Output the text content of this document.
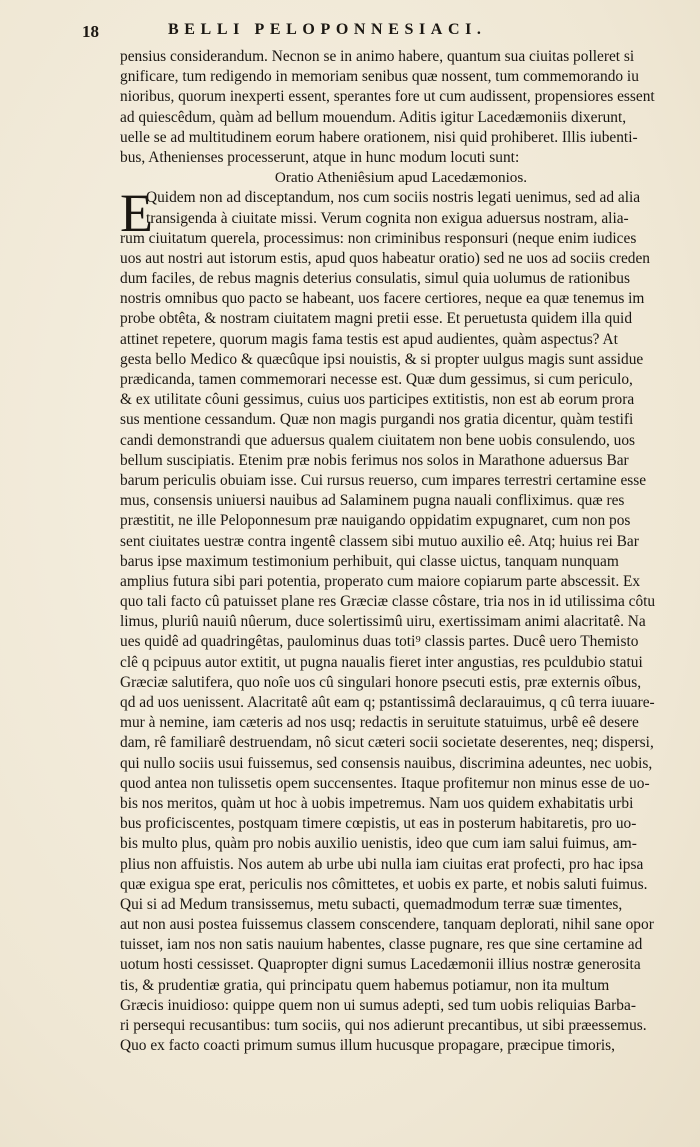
18	BELLI PELOPONNESIACI.
pensius considerandum. Necnon se in animo habere, quantum sua ciuitas polleret si
gnificare, tum redigendo in memoriam senibus quæ nossent, tum commemorando iu
nioribus, quorum inexperti essent, sperantes fore ut cum audissent, propensiores essent
ad quiescêdum, quàm ad bellum mouendum. Aditis igitur Lacedæmoniis dixerunt,
uelle se ad multitudinem eorum habere orationem, nisi quid prohiberet. Illis iubenti-
bus, Athenienses processerunt, atque in hunc modum locuti sunt:
Oratio Atheniêsium apud Lacedæmonios.
E
Quidem non ad disceptandum, nos cum sociis nostris legati uenimus, sed ad alia
transigenda à ciuitate missi. Verum cognita non exigua aduersus nostram, alia-
rum ciuitatum querela, processimus: non criminibus responsuri (neque enim iudices
uos aut nostri aut istorum estis, apud quos habeatur oratio) sed ne uos ad sociis creden
dum faciles, de rebus magnis deterius consulatis, simul quia uolumus de rationibus
nostris omnibus quo pacto se habeant, uos facere certiores, neque ea quæ tenemus im
probe obtêta, & nostram ciuitatem magni pretii esse. Et peruetusta quidem illa quid
attinet repetere, quorum magis fama testis est apud audientes, quàm aspectus? At
gesta bello Medico & quæcûque ipsi nouistis, & si propter uulgus magis sunt assidue
prædicanda, tamen commemorari necesse est. Quæ dum gessimus, si cum periculo,
& ex utilitate côuni gessimus, cuius uos participes extitistis, non est ab eorum prora
sus mentione cessandum. Quæ non magis purgandi nos gratia dicentur, quàm testifi
candi demonstrandi que aduersus qualem ciuitatem non bene uobis consulendo, uos
bellum suscipiatis. Etenim præ nobis ferimus nos solos in Marathone aduersus Bar
barum periculis obuiam isse. Cui rursus reuerso, cum impares terrestri certamine esse
mus, consensis uniuersi nauibus ad Salaminem pugna nauali confliximus. quæ res
præstitit, ne ille Peloponnesum præ nauigando oppidatim expugnaret, cum non pos
sent ciuitates uestræ contra ingentê classem sibi mutuo auxilio eê. Atq; huius rei Bar
barus ipse maximum testimonium perhibuit, qui classe uictus, tanquam nunquam
amplius futura sibi pari potentia, properato cum maiore copiarum parte abscessit. Ex
quo tali facto cû patuisset plane res Græciæ classe côstare, tria nos in id utilissima côtu
limus, pluriû nauiû nûerum, duce solertissimû uiru, exertissimam animi alacritatê. Na
ues quidê ad quadringêtas, paulominus duas toti⁹ classis partes. Ducê uero Themisto
clê q pcipuus autor extitit, ut pugna naualis fieret inter angustias, res pculdubio statui
Græciæ salutifera, quo noîe uos cû singulari honore psecuti estis, præ externis oîbus,
qd ad uos uenissent. Alacritatê aût eam q; pstantissimâ declarauimus, q cû terra iuuare-
mur à nemine, iam cæteris ad nos usq; redactis in seruitute statuimus, urbê eê desere
dam, rê familiarê destruendam, nô sicut cæteri socii societate deserentes, neq; dispersi,
qui nullo sociis usui fuissemus, sed consensis nauibus, discrimina adeuntes, nec uobis,
quod antea non tulissetis opem succensentes. Itaque profitemur non minus esse de uo-
bis nos meritos, quàm ut hoc à uobis impetremus. Nam uos quidem exhabitatis urbi
bus proficiscentes, postquam timere cœpistis, ut eas in posterum habitaretis, pro uo-
bis multo plus, quàm pro nobis auxilio uenistis, ideo que cum iam salui fuimus, am-
plius non affuistis. Nos autem ab urbe ubi nulla iam ciuitas erat profecti, pro hac ipsa
quæ exigua spe erat, periculis nos cômittetes, et uobis ex parte, et nobis saluti fuimus.
Qui si ad Medum transissemus, metu subacti, quemadmodum terræ suæ timentes,
aut non ausi postea fuissemus classem conscendere, tanquam deplorati, nihil sane opor
tuisset, iam nos non satis nauium habentes, classe pugnare, res que sine certamine ad
uotum hosti cessisset. Quapropter digni sumus Lacedæmonii illius nostræ generosita
tis, & prudentiæ gratia, qui principatu quem habemus potiamur, non ita multum
Græcis inuidioso: quippe quem non ui sumus adepti, sed tum uobis reliquias Barba-
ri persequi recusantibus: tum sociis, qui nos adierunt precantibus, ut sibi præessemus.
Quo ex facto coacti primum sumus illum hucusque propagare, præcipue timoris,
